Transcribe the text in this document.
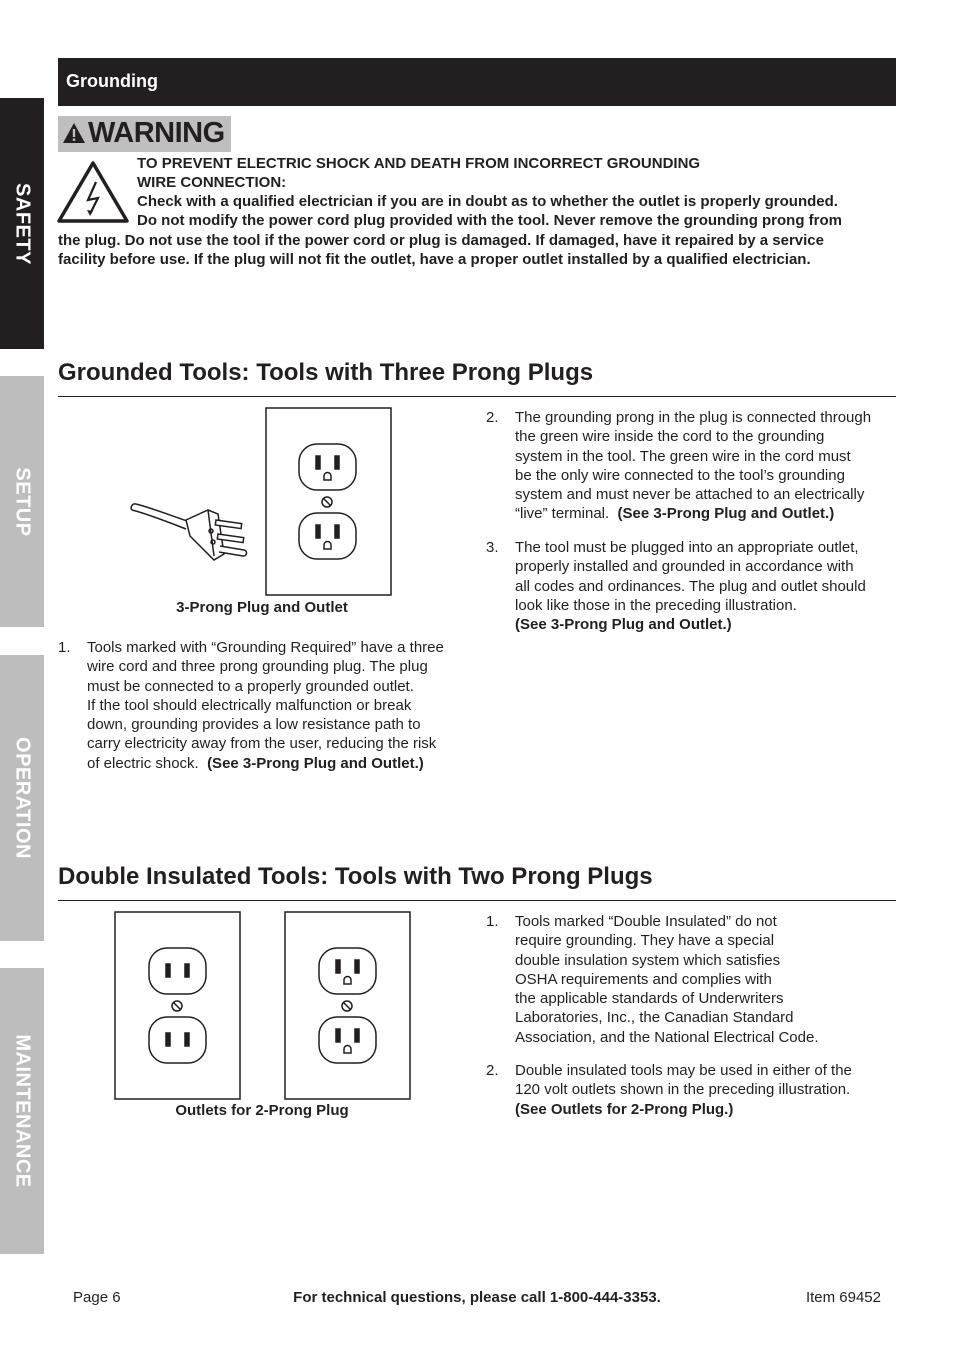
SAFETY
SETUP
OPERATION
MAINTENANCE
Grounding
WARNING
TO PREVENT ELECTRIC SHOCK AND DEATH FROM INCORRECT GROUNDING
WIRE CONNECTION:
Check with a qualified electrician if you are in doubt as to whether the outlet is properly grounded.
Do not modify the power cord plug provided with the tool. Never remove the grounding prong from
the plug. Do not use the tool if the power cord or plug is damaged. If damaged, have it repaired by a service
facility before use. If the plug will not fit the outlet, have a proper outlet installed by a qualified electrician.
Grounded Tools: Tools with Three Prong Plugs
3-Prong Plug and Outlet
1. Tools marked with “Grounding Required” have a three
wire cord and three prong grounding plug. The plug
must be connected to a properly grounded outlet.
If the tool should electrically malfunction or break
down, grounding provides a low resistance path to
carry electricity away from the user, reducing the risk
of electric shock. (See 3-Prong Plug and Outlet.)
2. The grounding prong in the plug is connected through
the green wire inside the cord to the grounding
system in the tool. The green wire in the cord must
be the only wire connected to the tool’s grounding
system and must never be attached to an electrically
“live” terminal. (See 3-Prong Plug and Outlet.)
3. The tool must be plugged into an appropriate outlet,
properly installed and grounded in accordance with
all codes and ordinances. The plug and outlet should
look like those in the preceding illustration.
(See 3-Prong Plug and Outlet.)
Double Insulated Tools: Tools with Two Prong Plugs
Outlets for 2-Prong Plug
1. Tools marked “Double Insulated” do not
require grounding. They have a special
double insulation system which satisfies
OSHA requirements and complies with
the applicable standards of Underwriters
Laboratories, Inc., the Canadian Standard
Association, and the National Electrical Code.
2. Double insulated tools may be used in either of the
120 volt outlets shown in the preceding illustration.
(See Outlets for 2-Prong Plug.)
Page 6	For technical questions, please call 1-800-444-3353.	Item 69452
